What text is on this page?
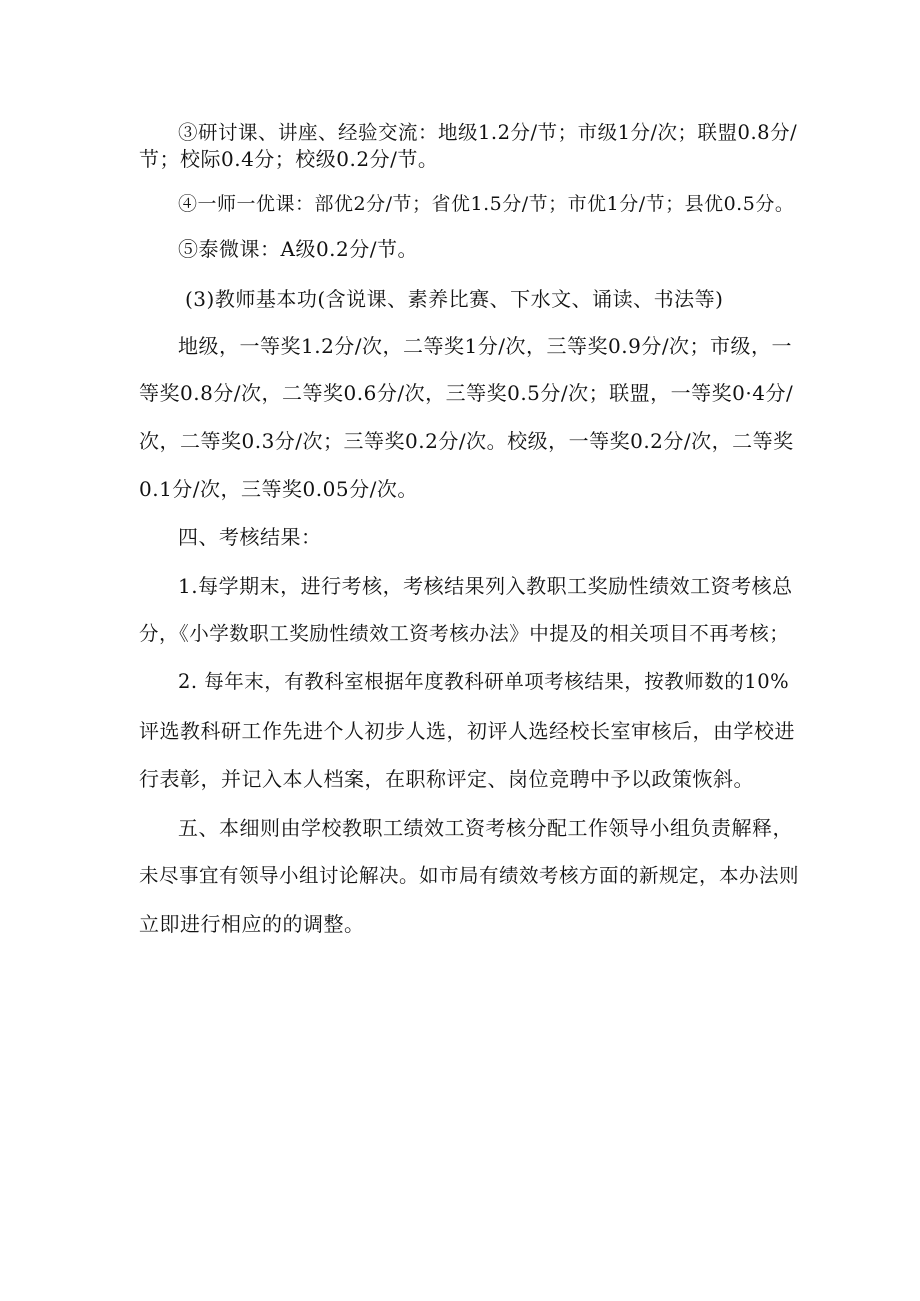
③研讨课、讲座、经验交流：地级1.2分/节；市级1分/次；联盟0.8分/
节；校际0.4分；校级0.2分/节。
④一师一优课：部优2分/节；省优1.5分/节；市优1分/节；县优0.5分。
⑤泰微课：A级0.2分/节。
(3)教师基本功(含说课、素养比赛、下水文、诵读、书法等)
地级，一等奖1.2分/次，二等奖1分/次，三等奖0.9分/次；市级，一
等奖0.8分/次，二等奖0.6分/次，三等奖0.5分/次；联盟，一等奖0·4分/
次，二等奖0.3分/次；三等奖0.2分/次。校级，一等奖0.2分/次，二等奖
0.1分/次，三等奖0.05分/次。
四、考核结果：
1.每学期末，进行考核，考核结果列入教职工奖励性绩效工资考核总
分，《小学数职工奖励性绩效工资考核办法》中提及的相关项目不再考核；
2. 每年末，有教科室根据年度教科研单项考核结果，按教师数的10%
评选教科研工作先进个人初步人选，初评人选经校长室审核后，由学校进
行表彰，并记入本人档案，在职称评定、岗位竞聘中予以政策恢斜。
五、本细则由学校教职工绩效工资考核分配工作领导小组负责解释，
未尽事宜有领导小组讨论解决。如市局有绩效考核方面的新规定，本办法则
立即进行相应的的调整。
